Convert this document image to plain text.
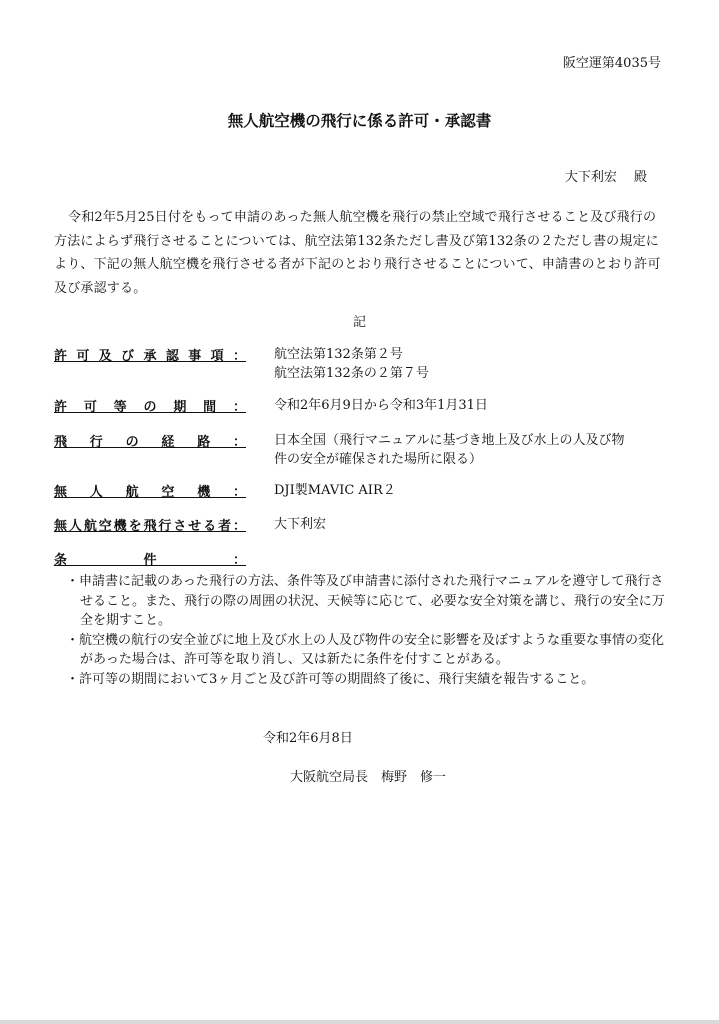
阪空運第4035号
無人航空機の飛行に係る許可・承認書
大下利宏　 殿
令和2年5月25日付をもって申請のあった無人航空機を飛行の禁止空域で飛行させること及び飛行の方法によらず飛行させることについては、航空法第132条ただし書及び第132条の２ただし書の規定により、下記の無人航空機を飛行させる者が下記のとおり飛行させることについて、申請書のとおり許可及び承認する。
記
許可及び承認事項： 航空法第132条第２号
航空法第132条の２第７号
許可等の期間： 令和2年6月9日から令和3年1月31日
飛行の経路： 日本全国（飛行マニュアルに基づき地上及び水上の人及び物
件の安全が確保された場所に限る）
無人航空機： DJI製MAVIC AIR２
無人航空機を飛行させる者： 大下利宏
条件：
・申請書に記載のあった飛行の方法、条件等及び申請書に添付された飛行マニュアルを遵守して飛行させること。また、飛行の際の周囲の状況、天候等に応じて、必要な安全対策を講じ、飛行の安全に万全を期すこと。
・航空機の航行の安全並びに地上及び水上の人及び物件の安全に影響を及ぼすような重要な事情の変化があった場合は、許可等を取り消し、又は新たに条件を付すことがある。
・許可等の期間において3ヶ月ごと及び許可等の期間終了後に、飛行実績を報告すること。
令和2年6月8日
大阪航空局長　梅野　修一
